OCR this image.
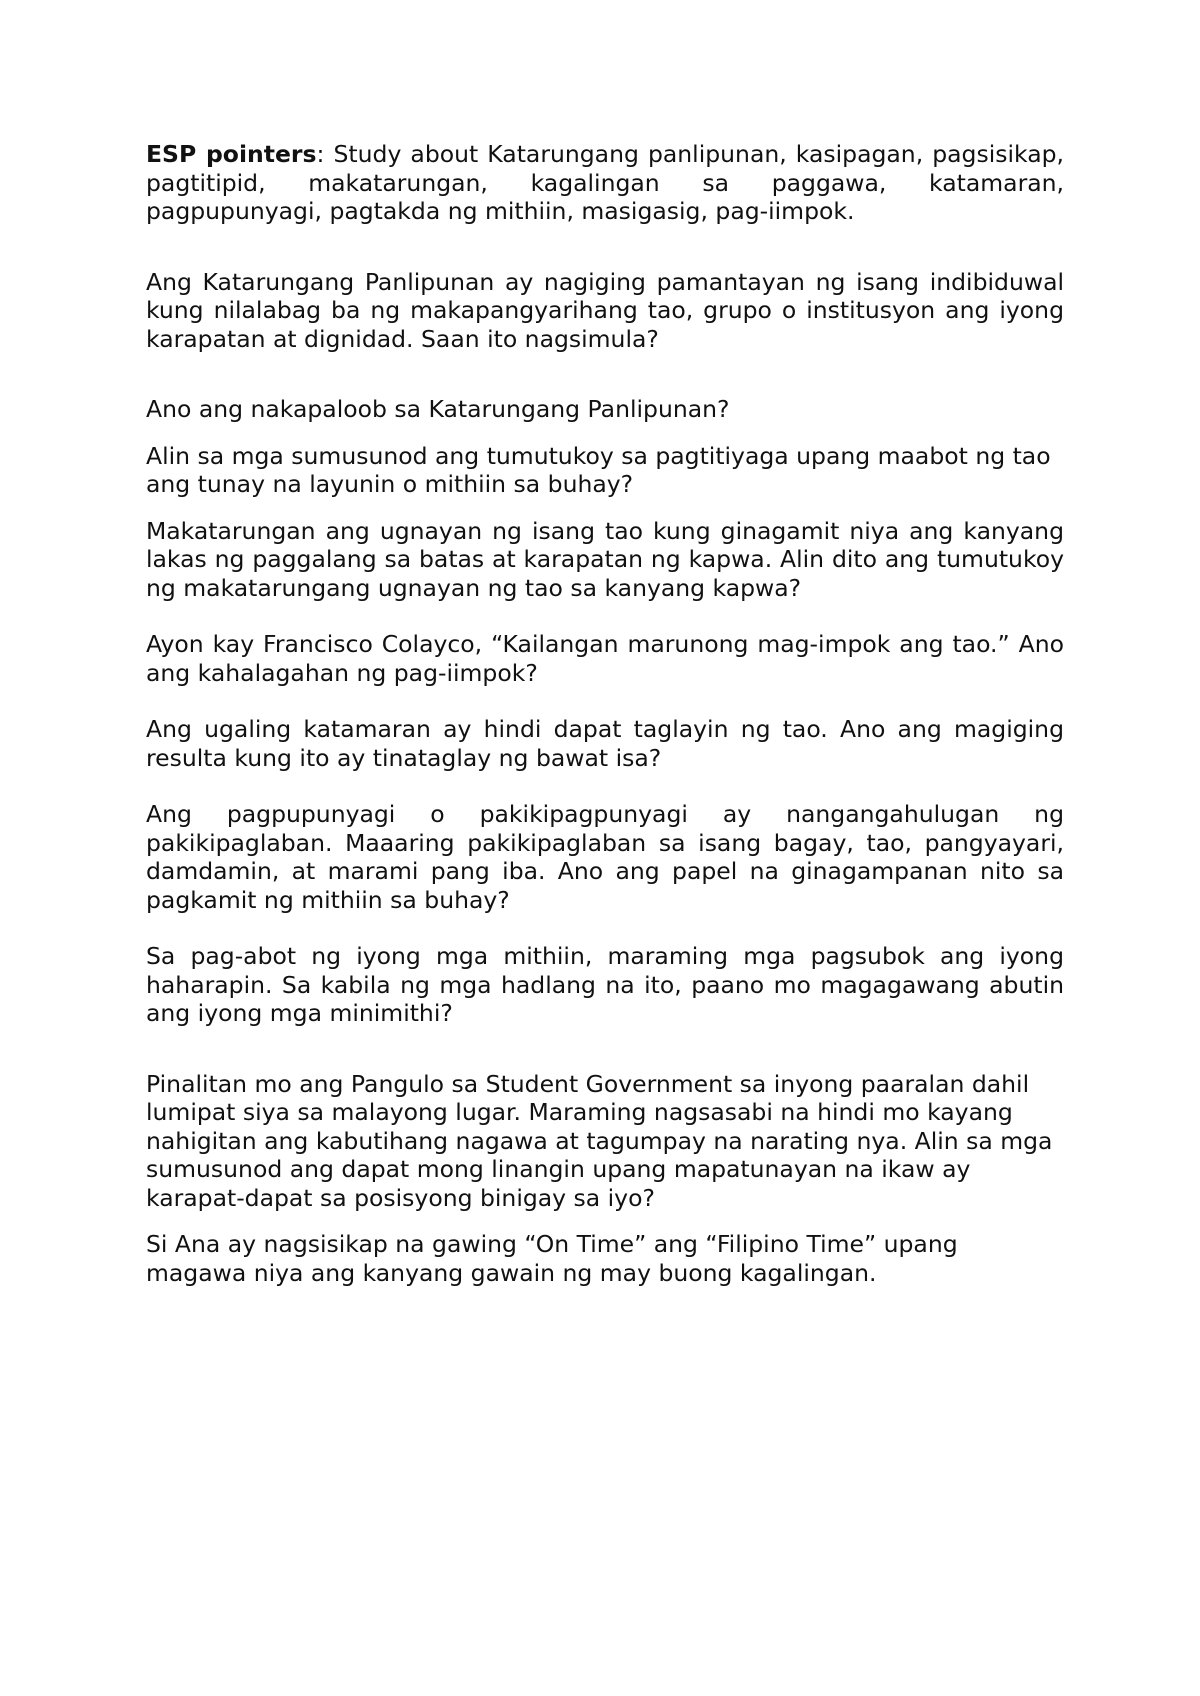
ESP pointers: Study about Katarungang panlipunan, kasipagan, pagsisikap, pagtitipid, makatarungan, kagalingan sa paggawa, katamaran, pagpupunyagi, pagtakda ng mithiin, masigasig, pag-iimpok.

Ang Katarungang Panlipunan ay nagiging pamantayan ng isang indibiduwal kung nilalabag ba ng makapangyarihang tao, grupo o institusyon ang iyong karapatan at dignidad. Saan ito nagsimula?

Ano ang nakapaloob sa Katarungang Panlipunan?

Alin sa mga sumusunod ang tumutukoy sa pagtitiyaga upang maabot ng tao ang tunay na layunin o mithiin sa buhay?

Makatarungan ang ugnayan ng isang tao kung ginagamit niya ang kanyang lakas ng paggalang sa batas at karapatan ng kapwa. Alin dito ang tumutukoy ng makatarungang ugnayan ng tao sa kanyang kapwa?

Ayon kay Francisco Colayco, “Kailangan marunong mag-impok ang tao.” Ano ang kahalagahan ng pag-iimpok?

Ang ugaling katamaran ay hindi dapat taglayin ng tao. Ano ang magiging resulta kung ito ay tinataglay ng bawat isa?

Ang pagpupunyagi o pakikipagpunyagi ay nangangahulugan ng pakikipaglaban. Maaaring pakikipaglaban sa isang bagay, tao, pangyayari, damdamin, at marami pang iba. Ano ang papel na ginagampanan nito sa pagkamit ng mithiin sa buhay?

Sa pag-abot ng iyong mga mithiin, maraming mga pagsubok ang iyong haharapin. Sa kabila ng mga hadlang na ito, paano mo magagawang abutin ang iyong mga minimithi?

Pinalitan mo ang Pangulo sa Student Government sa inyong paaralan dahil lumipat siya sa malayong lugar. Maraming nagsasabi na hindi mo kayang nahigitan ang kabutihang nagawa at tagumpay na narating nya. Alin sa mga sumusunod ang dapat mong linangin upang mapatunayan na ikaw ay karapat-dapat sa posisyong binigay sa iyo?

Si Ana ay nagsisikap na gawing “On Time” ang “Filipino Time” upang magawa niya ang kanyang gawain ng may buong kagalingan.
